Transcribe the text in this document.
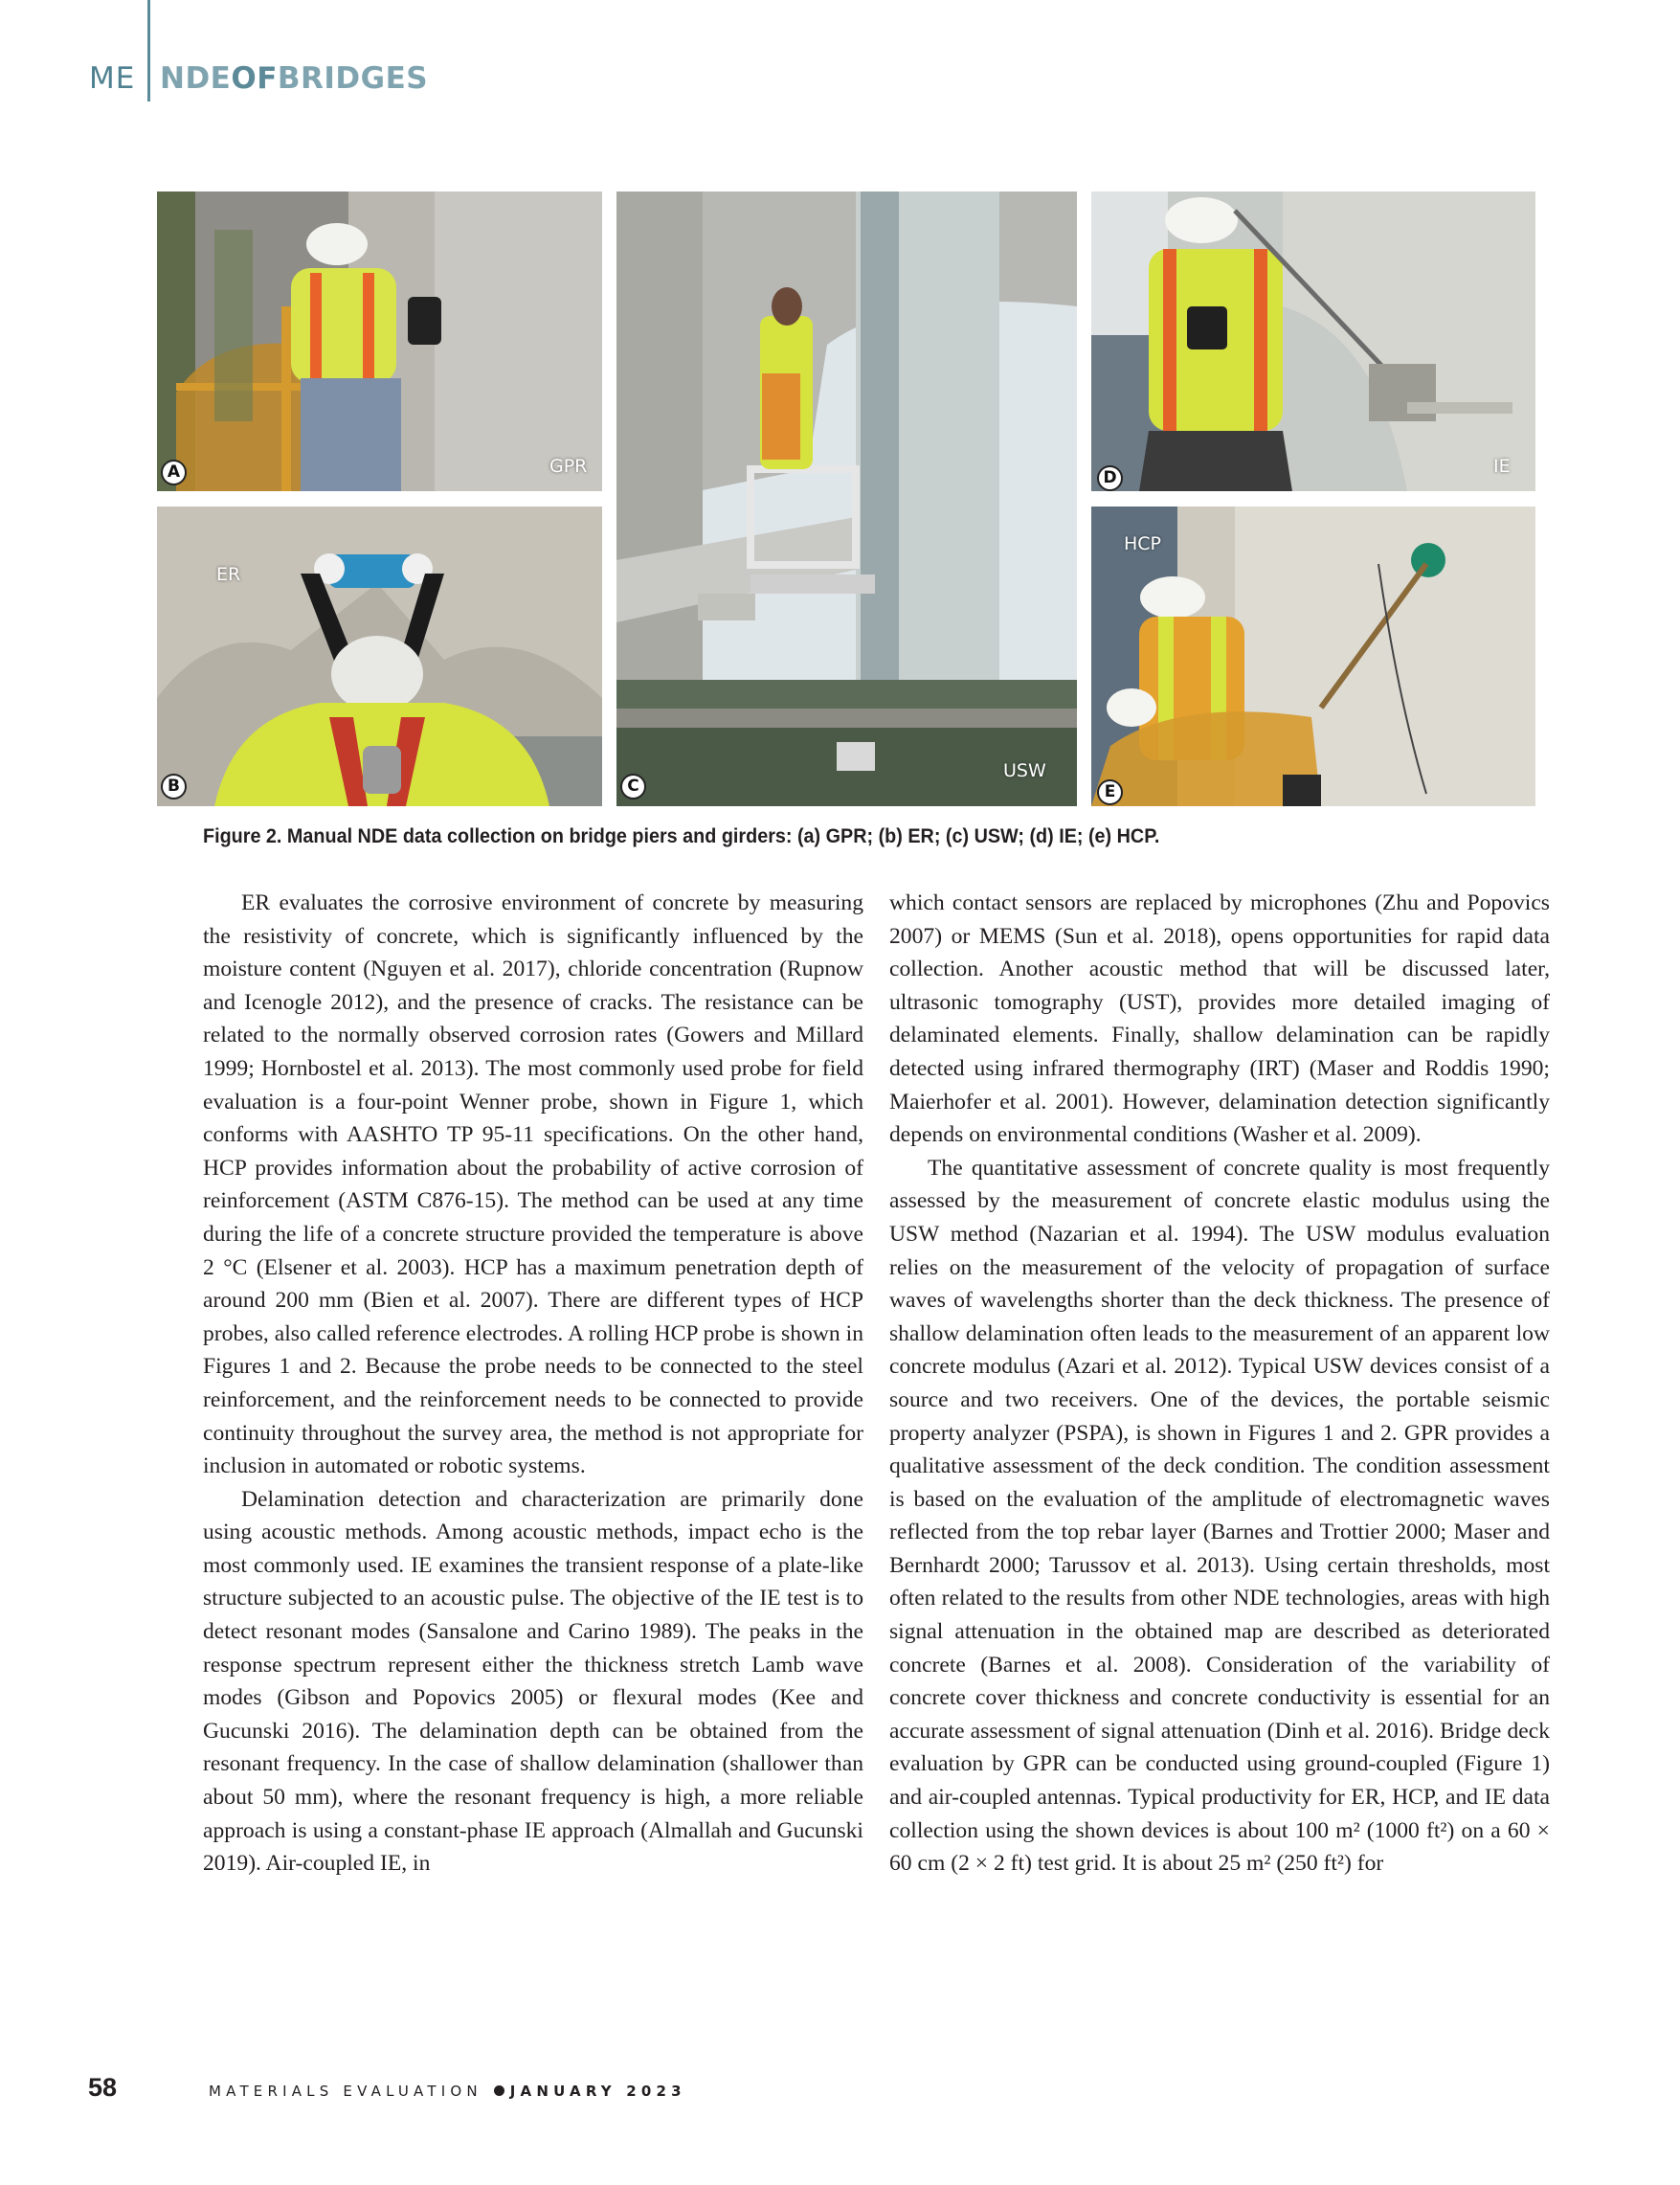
ME NDEOFBRIDGES
GPR
A
ER
B
USW
C
IE
D
HCP
E
Figure 2. Manual NDE data collection on bridge piers and girders: (a) GPR; (b) ER; (c) USW; (d) IE; (e) HCP.

ER evaluates the corrosive environment of concrete by measuring the resistivity of concrete, which is significantly influenced by the moisture content (Nguyen et al. 2017), chloride concentration (Rupnow and Icenogle 2012), and the presence of cracks. The resistance can be related to the normally observed corrosion rates (Gowers and Millard 1999; Hornbostel et al. 2013). The most commonly used probe for field evaluation is a four-point Wenner probe, shown in Figure 1, which conforms with AASHTO TP 95-11 specifications. On the other hand, HCP provides information about the probability of active corrosion of reinforcement (ASTM C876-15). The method can be used at any time during the life of a concrete structure provided the temperature is above 2 °C (Elsener et al. 2003). HCP has a maximum penetration depth of around 200 mm (Bien et al. 2007). There are different types of HCP probes, also called reference electrodes. A rolling HCP probe is shown in Figures 1 and 2. Because the probe needs to be connected to the steel reinforcement, and the reinforcement needs to be connected to provide continuity throughout the survey area, the method is not appropriate for inclusion in automated or robotic systems.

Delamination detection and characterization are primarily done using acoustic methods. Among acoustic methods, impact echo is the most commonly used. IE examines the transient response of a plate-like structure subjected to an acoustic pulse. The objective of the IE test is to detect resonant modes (Sansalone and Carino 1989). The peaks in the response spectrum represent either the thickness stretch Lamb wave modes (Gibson and Popovics 2005) or flexural modes (Kee and Gucunski 2016). The delamination depth can be obtained from the resonant frequency. In the case of shallow delamination (shallower than about 50 mm), where the resonant frequency is high, a more reliable approach is using a constant-phase IE approach (Almallah and Gucunski 2019). Air-coupled IE, in

which contact sensors are replaced by microphones (Zhu and Popovics 2007) or MEMS (Sun et al. 2018), opens opportunities for rapid data collection. Another acoustic method that will be discussed later, ultrasonic tomography (UST), provides more detailed imaging of delaminated elements. Finally, shallow delamination can be rapidly detected using infrared thermography (IRT) (Maser and Roddis 1990; Maierhofer et al. 2001). However, delamination detection significantly depends on environmental conditions (Washer et al. 2009).

The quantitative assessment of concrete quality is most frequently assessed by the measurement of concrete elastic modulus using the USW method (Nazarian et al. 1994). The USW modulus evaluation relies on the measurement of the velocity of propagation of surface waves of wavelengths shorter than the deck thickness. The presence of shallow delamination often leads to the measurement of an apparent low concrete modulus (Azari et al. 2012). Typical USW devices consist of a source and two receivers. One of the devices, the portable seismic property analyzer (PSPA), is shown in Figures 1 and 2. GPR provides a qualitative assessment of the deck condition. The condition assessment is based on the evaluation of the amplitude of electromagnetic waves reflected from the top rebar layer (Barnes and Trottier 2000; Maser and Bernhardt 2000; Tarussov et al. 2013). Using certain thresholds, most often related to the results from other NDE technologies, areas with high signal attenuation in the obtained map are described as deteriorated concrete (Barnes et al. 2008). Consideration of the variability of concrete cover thickness and concrete conductivity is essential for an accurate assessment of signal attenuation (Dinh et al. 2016). Bridge deck evaluation by GPR can be conducted using ground-coupled (Figure 1) and air-coupled antennas. Typical productivity for ER, HCP, and IE data collection using the shown devices is about 100 m² (1000 ft²) on a 60 × 60 cm (2 × 2 ft) test grid. It is about 25 m² (250 ft²) for

58	MATERIALS EVALUATION JANUARY 2023
